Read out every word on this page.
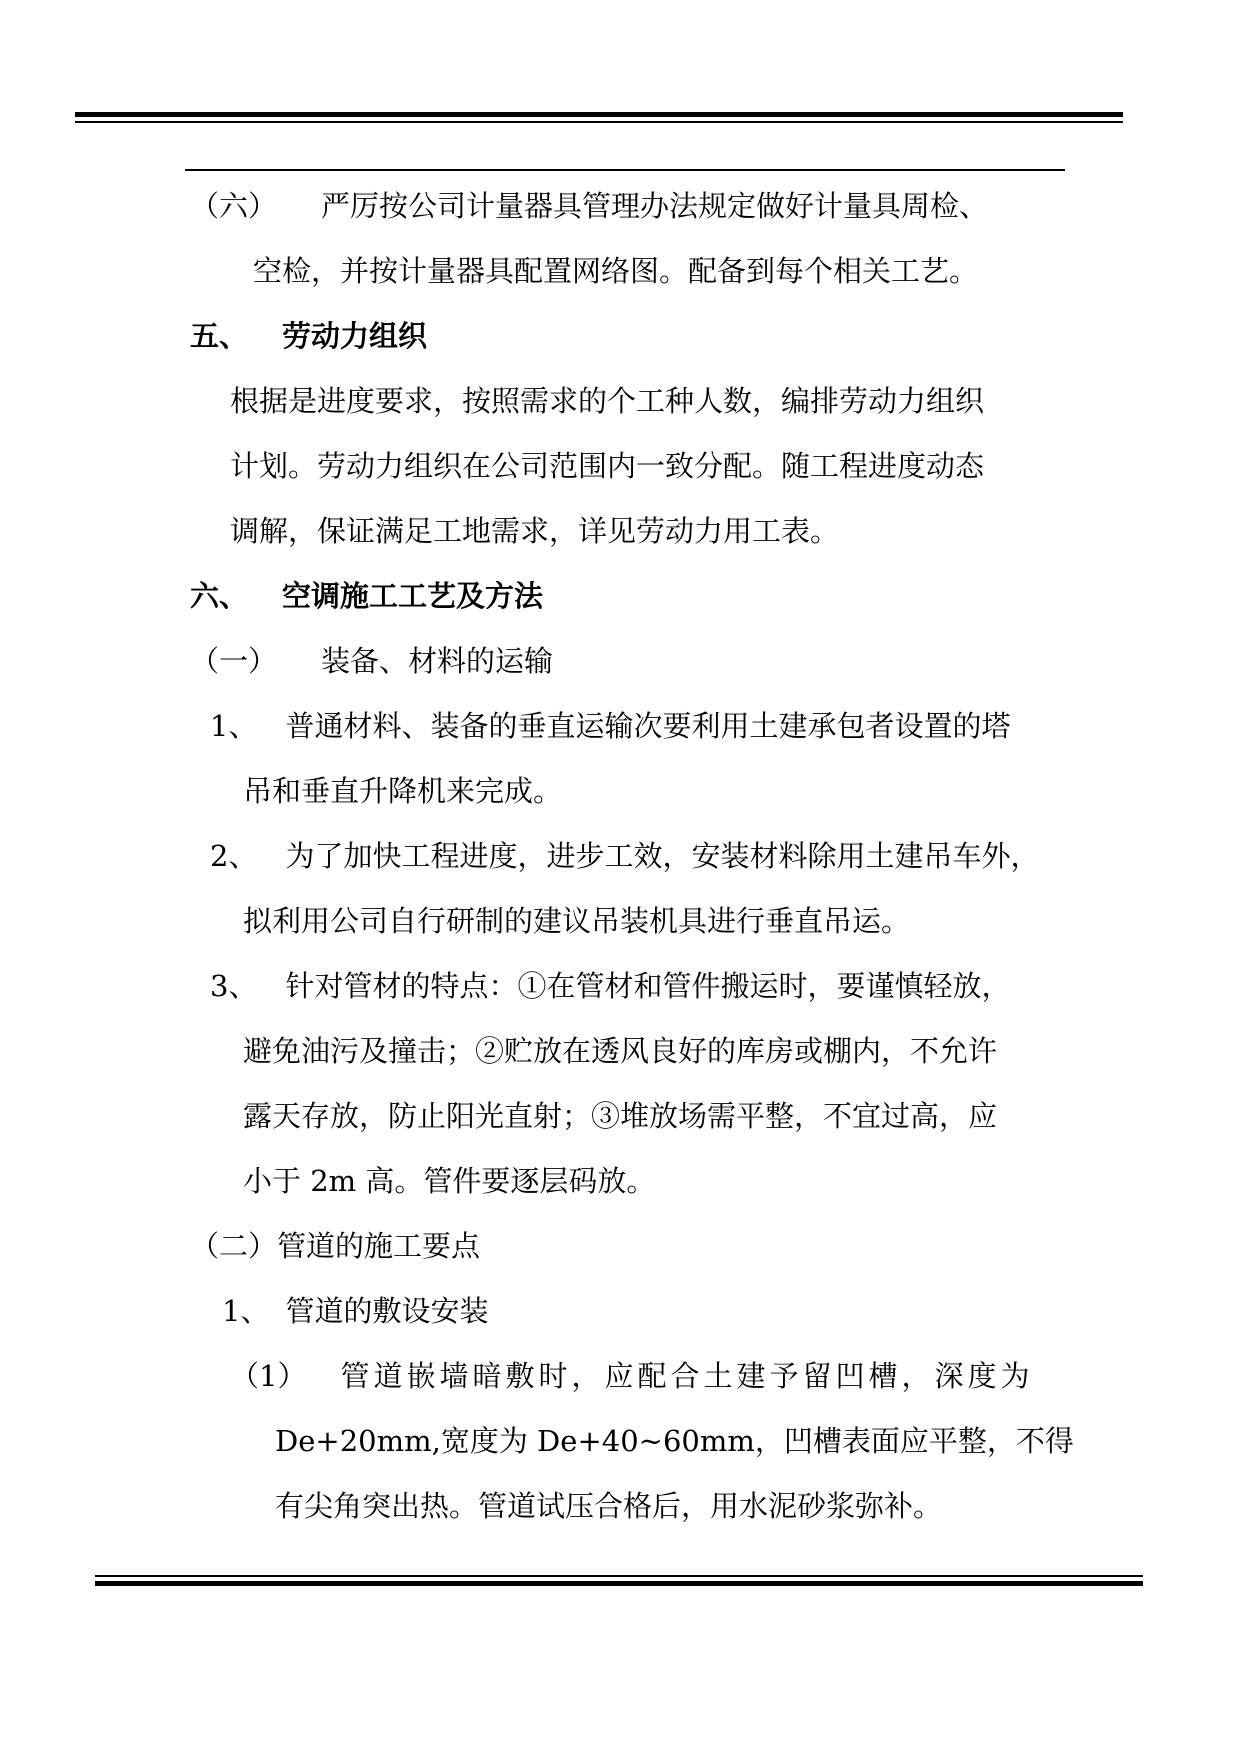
（六） 严厉按公司计量器具管理办法规定做好计量具周检、
空检，并按计量器具配置网络图。配备到每个相关工艺。
五、 劳动力组织
根据是进度要求，按照需求的个工种人数，编排劳动力组织
计划。劳动力组织在公司范围内一致分配。随工程进度动态
调解，保证满足工地需求，详见劳动力用工表。
六、 空调施工工艺及方法
（一） 装备、材料的运输
1、 普通材料、装备的垂直运输次要利用土建承包者设置的塔
吊和垂直升降机来完成。
2、 为了加快工程进度，进步工效，安装材料除用土建吊车外，
拟利用公司自行研制的建议吊装机具进行垂直吊运。
3、 针对管材的特点：①在管材和管件搬运时，要谨慎轻放，
避免油污及撞击；②贮放在透风良好的库房或棚内，不允许
露天存放，防止阳光直射；③堆放场需平整，不宜过高，应
小于 2m 高。管件要逐层码放。
（二）管道的施工要点
1、 管道的敷设安装
（1） 管道嵌墙暗敷时，应配合土建予留凹槽，深度为
De+20mm,宽度为 De+40~60mm，凹槽表面应平整，不得
有尖角突出热。管道试压合格后，用水泥砂浆弥补。
